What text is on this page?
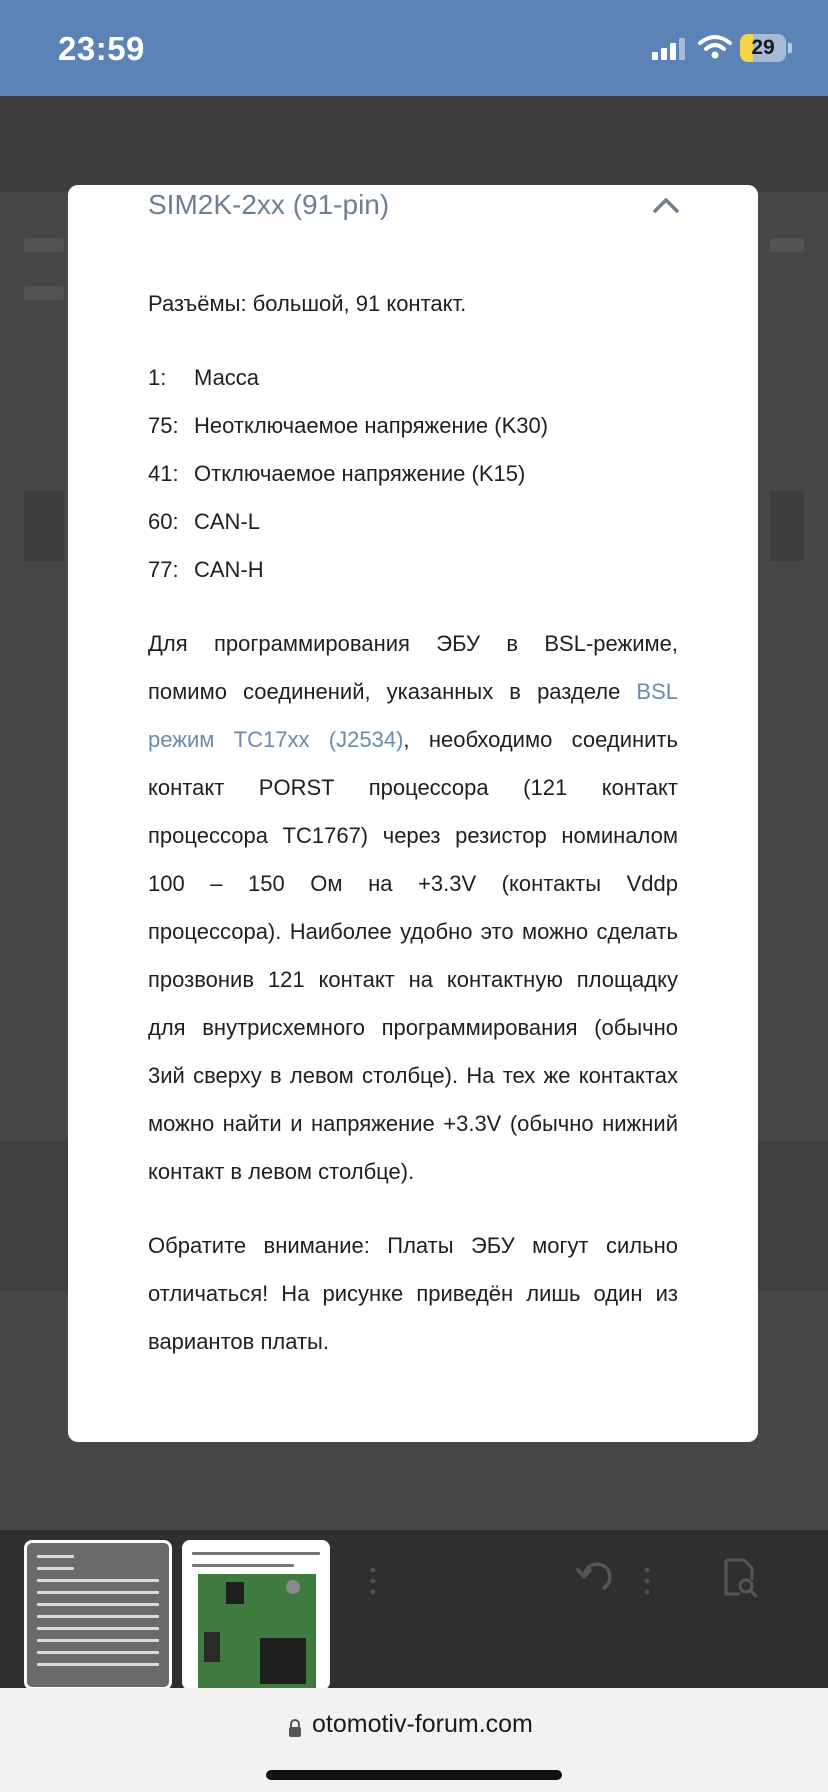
23:59	29
SIM2K-2xx (91-pin)
Разъёмы: большой, 91 контакт.
1:	Масса
75: Неотключаемое напряжение (K30)
41: Отключаемое напряжение (K15)
60: CAN-L
77: CAN-H

Для программирования ЭБУ в BSL-режиме, помимо соединений, указанных в разделе BSL режим TC17xx (J2534), необходимо соединить контакт PORST процессора (121 контакт процессора TC1767) через резистор номиналом 100 – 150 Ом на +3.3V (контакты Vddp процессора). Наиболее удобно это можно сделать прозвонив 121 контакт на контактную площадку для внутрисхемного программирования (обычно 3ий сверху в левом столбце). На тех же контактах можно найти и напряжение +3.3V (обычно нижний контакт в левом столбце).

Обратите внимание: Платы ЭБУ могут сильно отличаться! На рисунке приведён лишь один из вариантов платы.

otomotiv-forum.com
